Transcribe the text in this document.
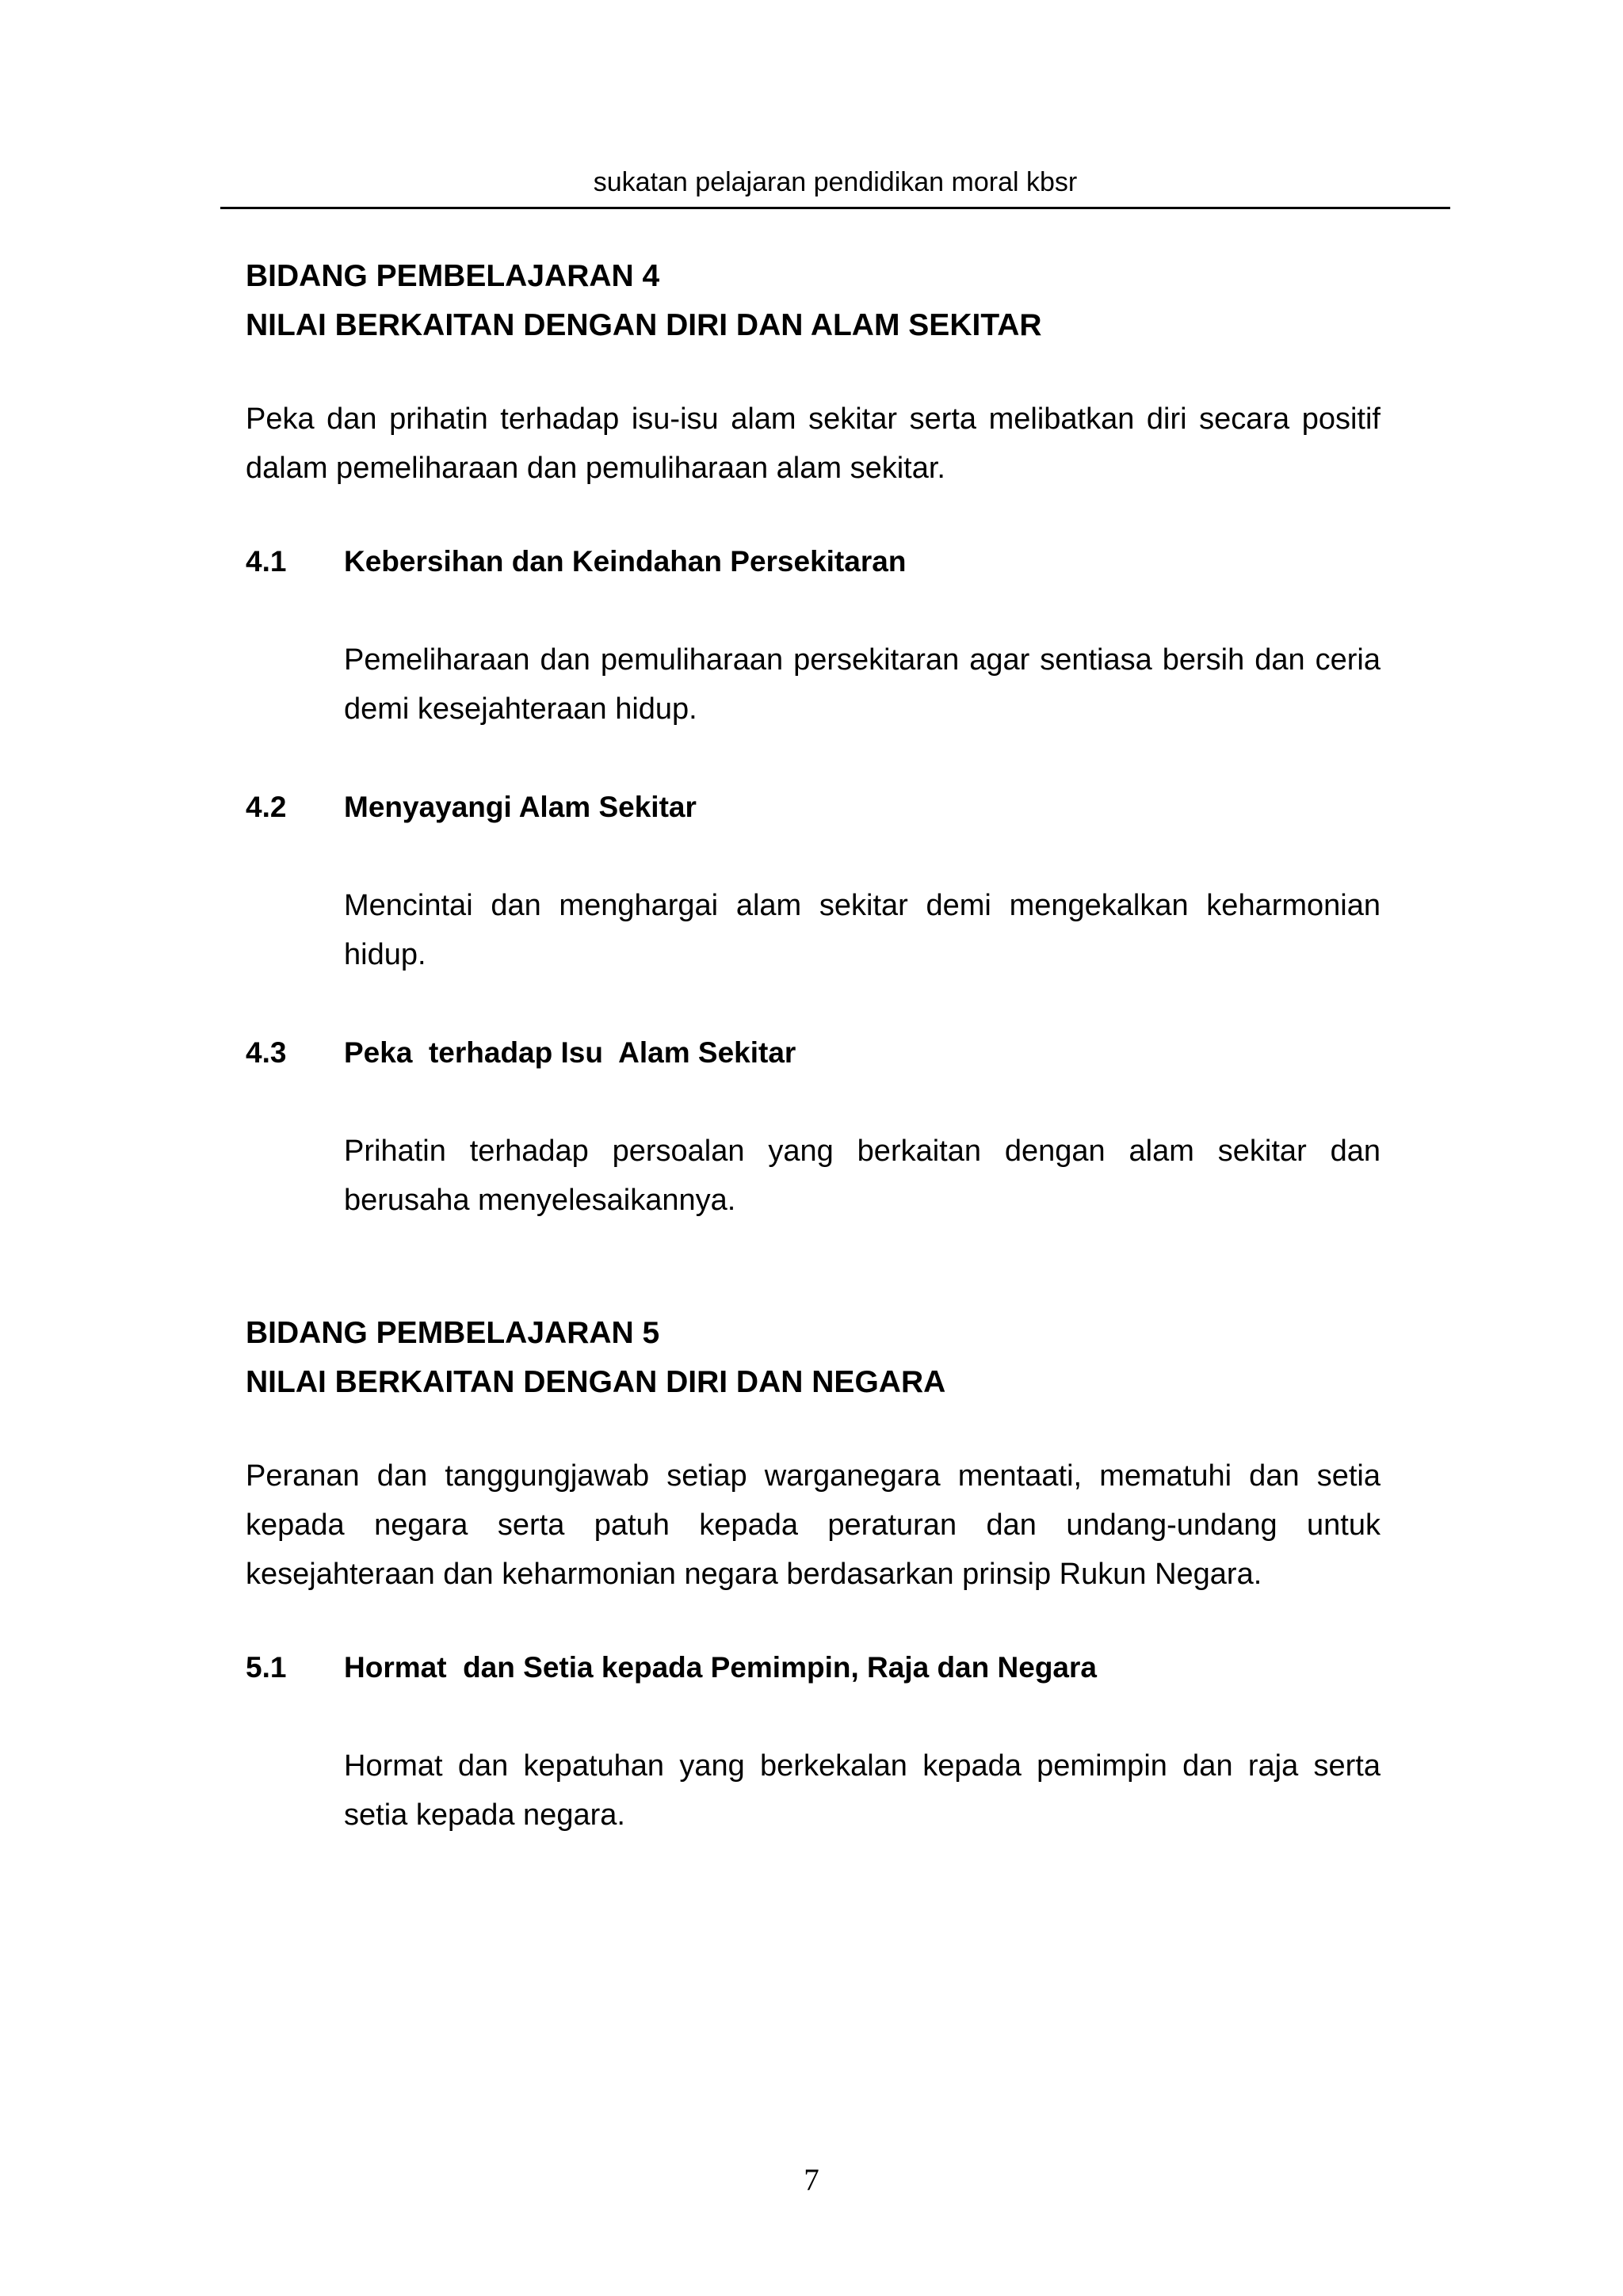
sukatan pelajaran pendidikan moral kbsr
BIDANG PEMBELAJARAN 4
NILAI BERKAITAN DENGAN DIRI DAN ALAM SEKITAR

Peka dan prihatin terhadap isu-isu alam sekitar serta melibatkan diri secara positif dalam pemeliharaan dan pemuliharaan alam sekitar.

4.1	Kebersihan dan Keindahan Persekitaran

Pemeliharaan dan pemuliharaan persekitaran agar sentiasa bersih dan ceria demi kesejahteraan hidup.

4.2	Menyayangi Alam Sekitar

Mencintai dan menghargai alam sekitar demi mengekalkan keharmonian hidup.

4.3	Peka  terhadap Isu  Alam Sekitar

Prihatin terhadap persoalan yang berkaitan dengan alam sekitar dan berusaha menyelesaikannya.

BIDANG PEMBELAJARAN 5
NILAI BERKAITAN DENGAN DIRI DAN NEGARA

Peranan dan tanggungjawab setiap warganegara mentaati, mematuhi dan setia kepada negara serta patuh kepada peraturan dan undang-undang untuk kesejahteraan dan keharmonian negara berdasarkan prinsip Rukun Negara.

5.1	Hormat  dan Setia kepada Pemimpin, Raja dan Negara

Hormat dan kepatuhan yang berkekalan kepada pemimpin dan raja serta setia kepada negara.

7
